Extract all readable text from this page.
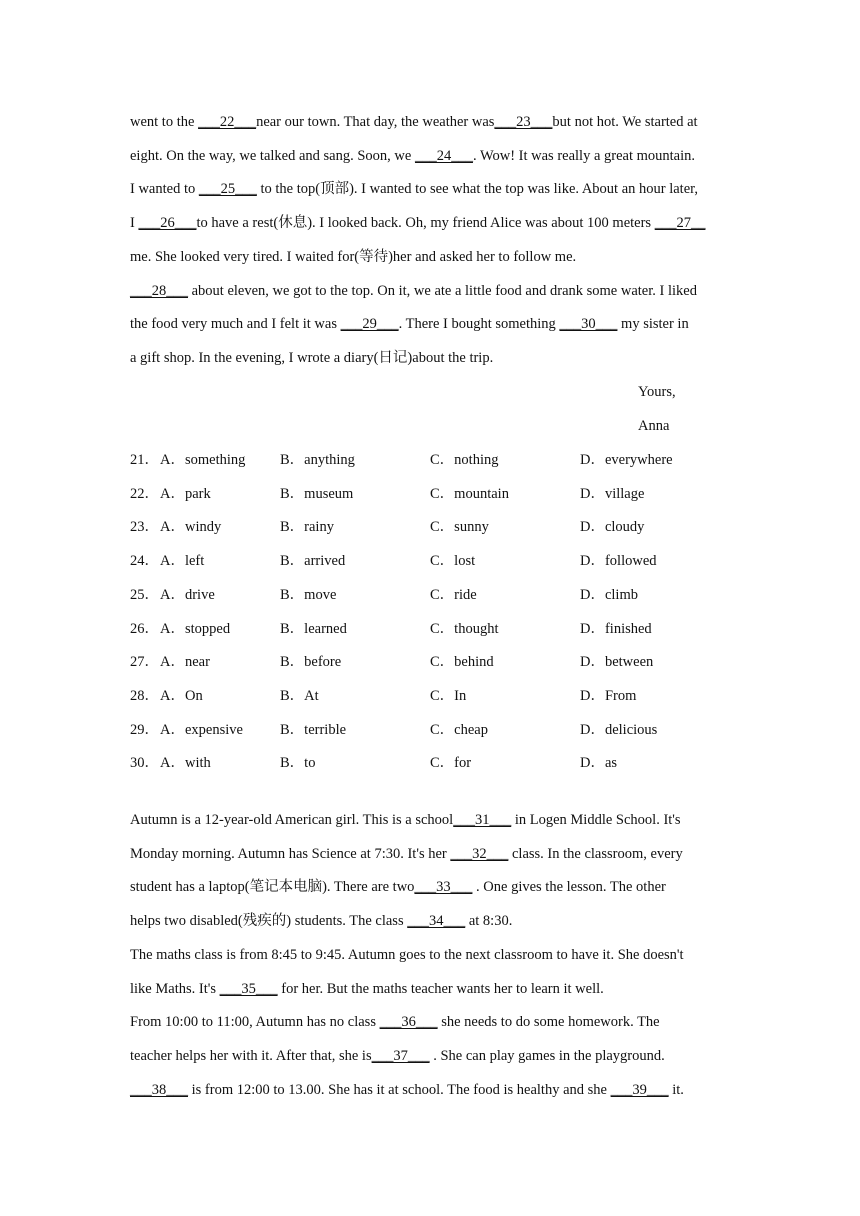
went to the ___22___near our town. That day, the weather was___23___but not hot. We started at
eight. On the way, we talked and sang. Soon, we ___24___. Wow! It was really a great mountain.
I wanted to ___25___ to the top(顶部). I wanted to see what the top was like. About an hour later,
I ___26___to have a rest(休息). I looked back. Oh, my friend Alice was about 100 meters ___27__
me. She looked very tired. I waited for(等待)her and asked her to follow me.
___28___ about eleven, we got to the top. On it, we ate a little food and drank some water. I liked
the food very much and I felt it was ___29___. There I bought something ___30___ my sister in
a gift shop. In the evening, I wrote a diary(日记)about the trip.
Yours,
Anna
21． A．something B．anything	C．nothing	D．everywhere
22． A．park	B．museum	C．mountain	D．village
23． A．windy	B．rainy	C．sunny	D．cloudy
24． A．left	B．arrived	C．lost	D．followed
25． A．drive	B．move	C．ride	D．climb
26． A．stopped	B．learned	C．thought	D．finished
27． A．near	B．before	C．behind	D．between
28． A．On	B．At	C．In	D．From
29． A．expensive	B．terrible	C．cheap	D．delicious
30． A．with	B．to	C．for	D．as
Autumn is a 12-year-old American girl. This is a school___31___ in Logen Middle School. It's
Monday morning. Autumn has Science at 7:30. It's her ___32___ class. In the classroom, every
student has a laptop(笔记本电脑). There are two___33___ . One gives the lesson. The other
helps two disabled(残疾的) students. The class ___34___ at 8:30.
The maths class is from 8:45 to 9:45. Autumn goes to the next classroom to have it. She doesn't
like Maths. It's ___35___ for her. But the maths teacher wants her to learn it well.
From 10:00 to 11:00, Autumn has no class ___36___ she needs to do some homework. The
teacher helps her with it. After that, she is___37___ . She can play games in the playground.
___38___ is from 12:00 to 13.00. She has it at school. The food is healthy and she ___39___ it.
